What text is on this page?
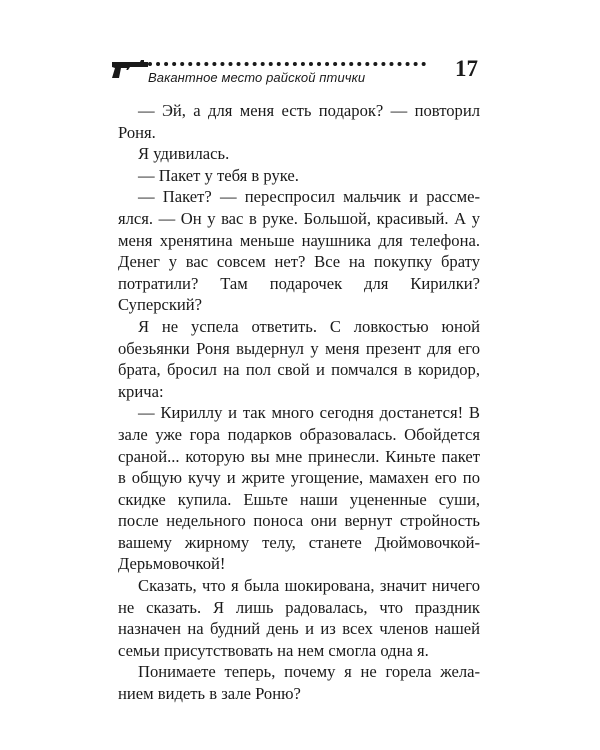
Вакантное место райской птички	17

— Эй, а для меня есть подарок? — повторил Роня.

Я удивилась.

— Пакет у тебя в руке.

— Пакет? — переспросил мальчик и рассмеялся. — Он у вас в руке. Большой, красивый. А у меня хренятина меньше наушника для телефона. Денег у вас совсем нет? Все на покупку брату потратили? Там подарочек для Кирилки? Суперский?

Я не успела ответить. С ловкостью юной обезьянки Роня выдернул у меня презент для его брата, бросил на пол свой и помчался в коридор, крича:

— Кириллу и так много сегодня достанется! В зале уже гора подарков образовалась. Обойдется сраной... которую вы мне принесли. Киньте пакет в общую кучу и жрите угощение, мамахен его по скидке купила. Ешьте наши уцененные суши, после недельного поноса они вернут стройность вашему жирному телу, станете Дюймовочкой-Дерьмовочкой!

Сказать, что я была шокирована, значит ничего не сказать. Я лишь радовалась, что праздник назначен на будний день и из всех членов нашей семьи присутствовать на нем смогла одна я.

Понимаете теперь, почему я не горела желанием видеть в зале Роню?
